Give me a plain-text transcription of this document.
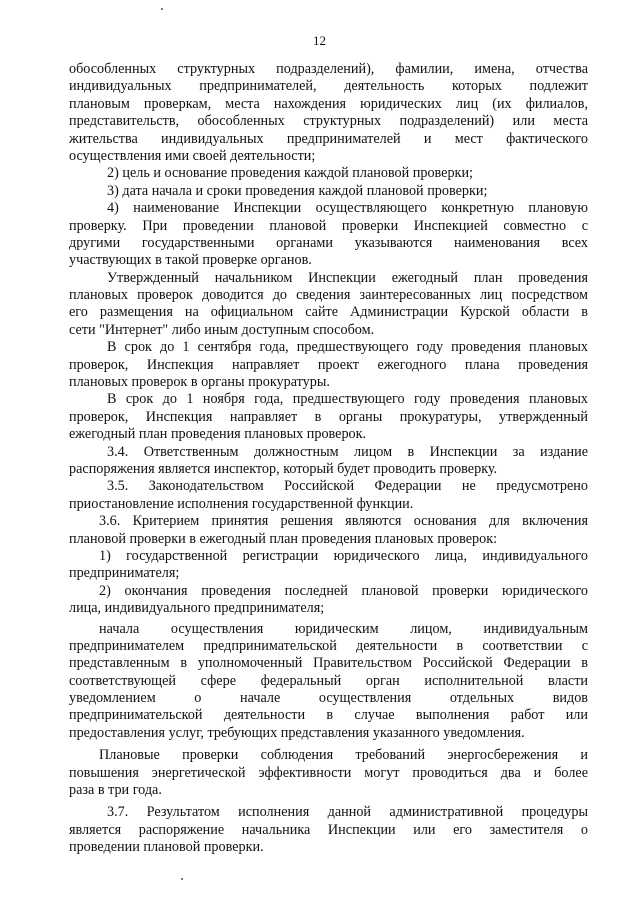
12
обособленных структурных подразделений), фамилии, имена, отчества
индивидуальных предпринимателей, деятельность которых подлежит
плановым проверкам, места нахождения юридических лиц (их филиалов,
представительств, обособленных структурных подразделений) или места
жительства индивидуальных предпринимателей и мест фактического
осуществления ими своей деятельности;
2) цель и основание проведения каждой плановой проверки;
3) дата начала и сроки проведения каждой плановой проверки;
4) наименование Инспекции осуществляющего конкретную плановую
проверку. При проведении плановой проверки Инспекцией совместно с
другими государственными органами указываются наименования всех
участвующих в такой проверке органов.
Утвержденный начальником Инспекции ежегодный план проведения
плановых проверок доводится до сведения заинтересованных лиц посредством
его размещения на официальном сайте Администрации Курской области в
сети "Интернет" либо иным доступным способом.
В срок до 1 сентября года, предшествующего году проведения плановых
проверок, Инспекция направляет проект ежегодного плана проведения
плановых проверок в органы прокуратуры.
В срок до 1 ноября года, предшествующего году проведения плановых
проверок, Инспекция направляет в органы прокуратуры, утвержденный
ежегодный план проведения плановых проверок.
3.4. Ответственным должностным лицом в Инспекции за издание
распоряжения является инспектор, который будет проводить проверку.
3.5. Законодательством Российской Федерации не предусмотрено
приостановление исполнения государственной функции.
3.6. Критерием принятия решения являются основания для включения
плановой проверки в ежегодный план проведения плановых проверок:
1) государственной регистрации юридического лица, индивидуального
предпринимателя;
2) окончания проведения последней плановой проверки юридического
лица, индивидуального предпринимателя;
начала осуществления юридическим лицом, индивидуальным
предпринимателем предпринимательской деятельности в соответствии с
представленным в уполномоченный Правительством Российской Федерации в
соответствующей сфере федеральный орган исполнительной власти
уведомлением о начале осуществления отдельных видов
предпринимательской деятельности в случае выполнения работ или
предоставления услуг, требующих представления указанного уведомления.
Плановые проверки соблюдения требований энергосбережения и
повышения энергетической эффективности могут проводиться два и более
раза в три года.
3.7. Результатом исполнения данной административной процедуры
является распоряжение начальника Инспекции или его заместителя о
проведении плановой проверки.
